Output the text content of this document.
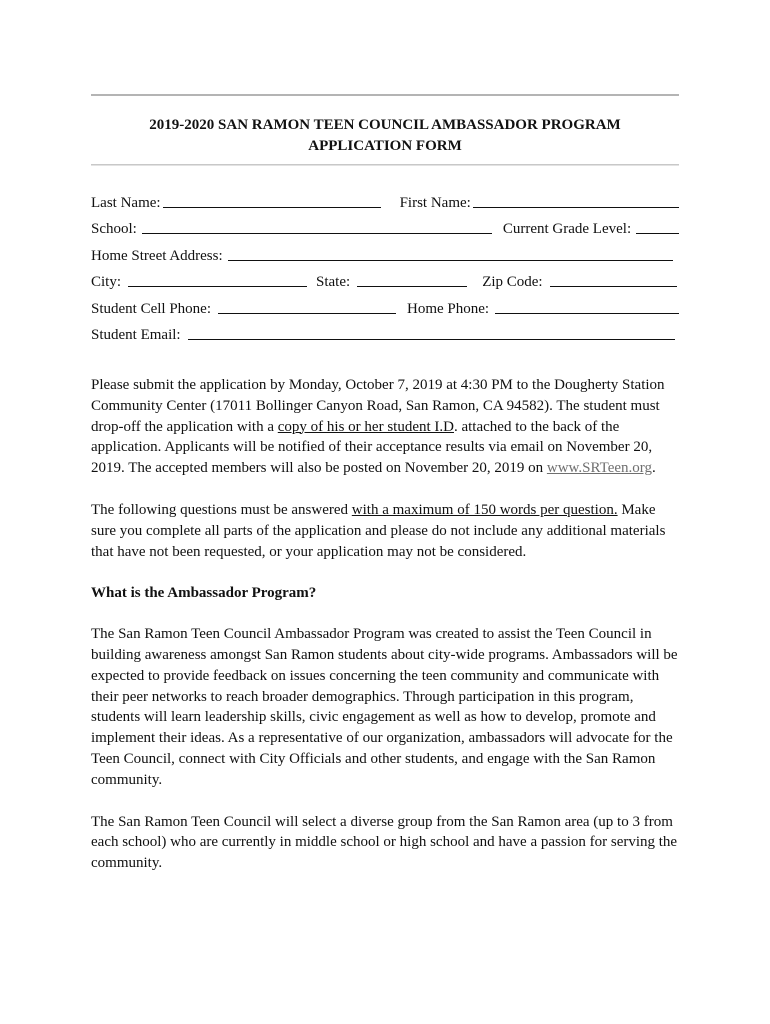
2019-2020 SAN RAMON TEEN COUNCIL AMBASSADOR PROGRAM
APPLICATION FORM
Last Name:	First Name:
School:	Current Grade Level:
Home Street Address:
City:	State:	Zip Code:
Student Cell Phone:	Home Phone:
Student Email:

Please submit the application by Monday, October 7, 2019 at 4:30 PM to the Dougherty Station Community Center (17011 Bollinger Canyon Road, San Ramon, CA 94582). The student must drop-off the application with a copy of his or her student I.D. attached to the back of the application. Applicants will be notified of their acceptance results via email on November 20, 2019. The accepted members will also be posted on November 20, 2019 on www.SRTeen.org.

The following questions must be answered with a maximum of 150 words per question. Make sure you complete all parts of the application and please do not include any additional materials that have not been requested, or your application may not be considered.

What is the Ambassador Program?

The San Ramon Teen Council Ambassador Program was created to assist the Teen Council in building awareness amongst San Ramon students about city-wide programs. Ambassadors will be expected to provide feedback on issues concerning the teen community and communicate with their peer networks to reach broader demographics. Through participation in this program, students will learn leadership skills, civic engagement as well as how to develop, promote and implement their ideas. As a representative of our organization, ambassadors will advocate for the Teen Council, connect with City Officials and other students, and engage with the San Ramon community.

The San Ramon Teen Council will select a diverse group from the San Ramon area (up to 3 from each school) who are currently in middle school or high school and have a passion for serving the community.
